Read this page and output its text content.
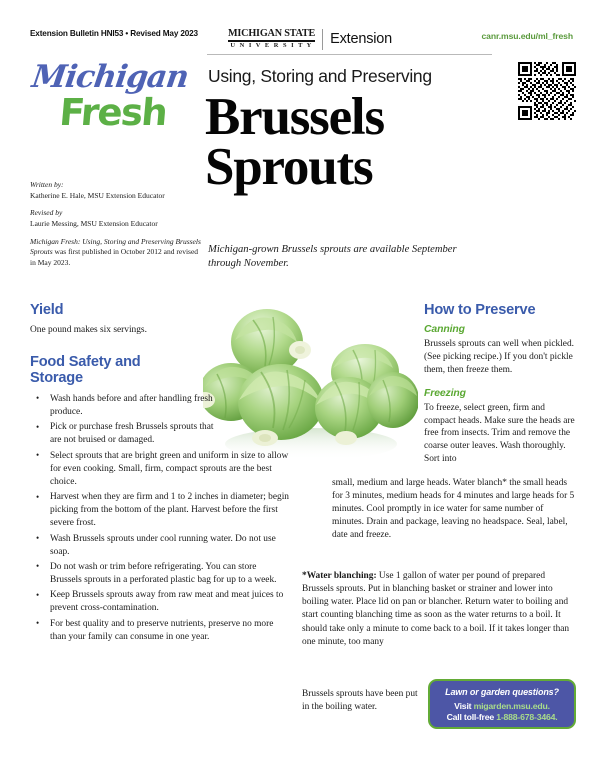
Extension Bulletin HNI53 • Revised May 2023	MICHIGAN STATE
U N I V E R S I T Y	Extension	canr.msu.edu/ml_fresh
Michigan
Fresh
Using, Storing and Preserving
Brussels
Sprouts
Michigan-grown Brussels sprouts are available September through November.
Written by:
Katherine E. Hale, MSU Extension Educator
Revised by
Laurie Messing, MSU Extension Educator
Michigan Fresh: Using, Storing and Preserving Brussels Sprouts was first published in October 2012 and revised in May 2023.
Yield

One pound makes six servings.

Food Safety and
Storage
• Wash hands before and after handling fresh produce.
• Pick or purchase fresh Brussels sprouts that are not bruised or damaged.
• Select sprouts that are bright green and uniform in size to allow for even cooking. Small, firm, compact sprouts are the best choice.
• Harvest when they are firm and 1 to 2 inches in diameter; begin picking from the bottom of the plant. Harvest before the first severe frost.
• Wash Brussels sprouts under cool running water. Do not use soap.
• Do not wash or trim before refrigerating. You can store Brussels sprouts in a perforated plastic bag for up to a week.
• Keep Brussels sprouts away from raw meat and meat juices to prevent cross-contamination.
• For best quality and to preserve nutrients, preserve no more than your family can consume in one year.
How to Preserve
Canning

Brussels sprouts can well when pickled. (See picking recipe.) If you don't pickle them, then freeze them.

Freezing

To freeze, select green, firm and compact heads. Make sure the heads are free from insects. Trim and remove the coarse outer leaves. Wash thoroughly. Sort into

small, medium and large heads. Water blanch* the small heads for 3 minutes, medium heads for 4 minutes and large heads for 5 minutes. Cool promptly in ice water for same number of minutes. Drain and package, leaving no headspace. Seal, label, date and freeze.
*Water blanching: Use 1 gallon of water per pound of prepared Brussels sprouts. Put in blanching basket or strainer and lower into boiling water. Place lid on pan or blancher. Return water to boiling and start counting blanching time as soon as the water returns to a boil. It should take only a minute to come back to a boil. If it takes longer than one minute, too many
Brussels sprouts have been put in the boiling water.
Lawn or garden questions?
Visit migarden.msu.edu.
Call toll-free 1-888-678-3464.
